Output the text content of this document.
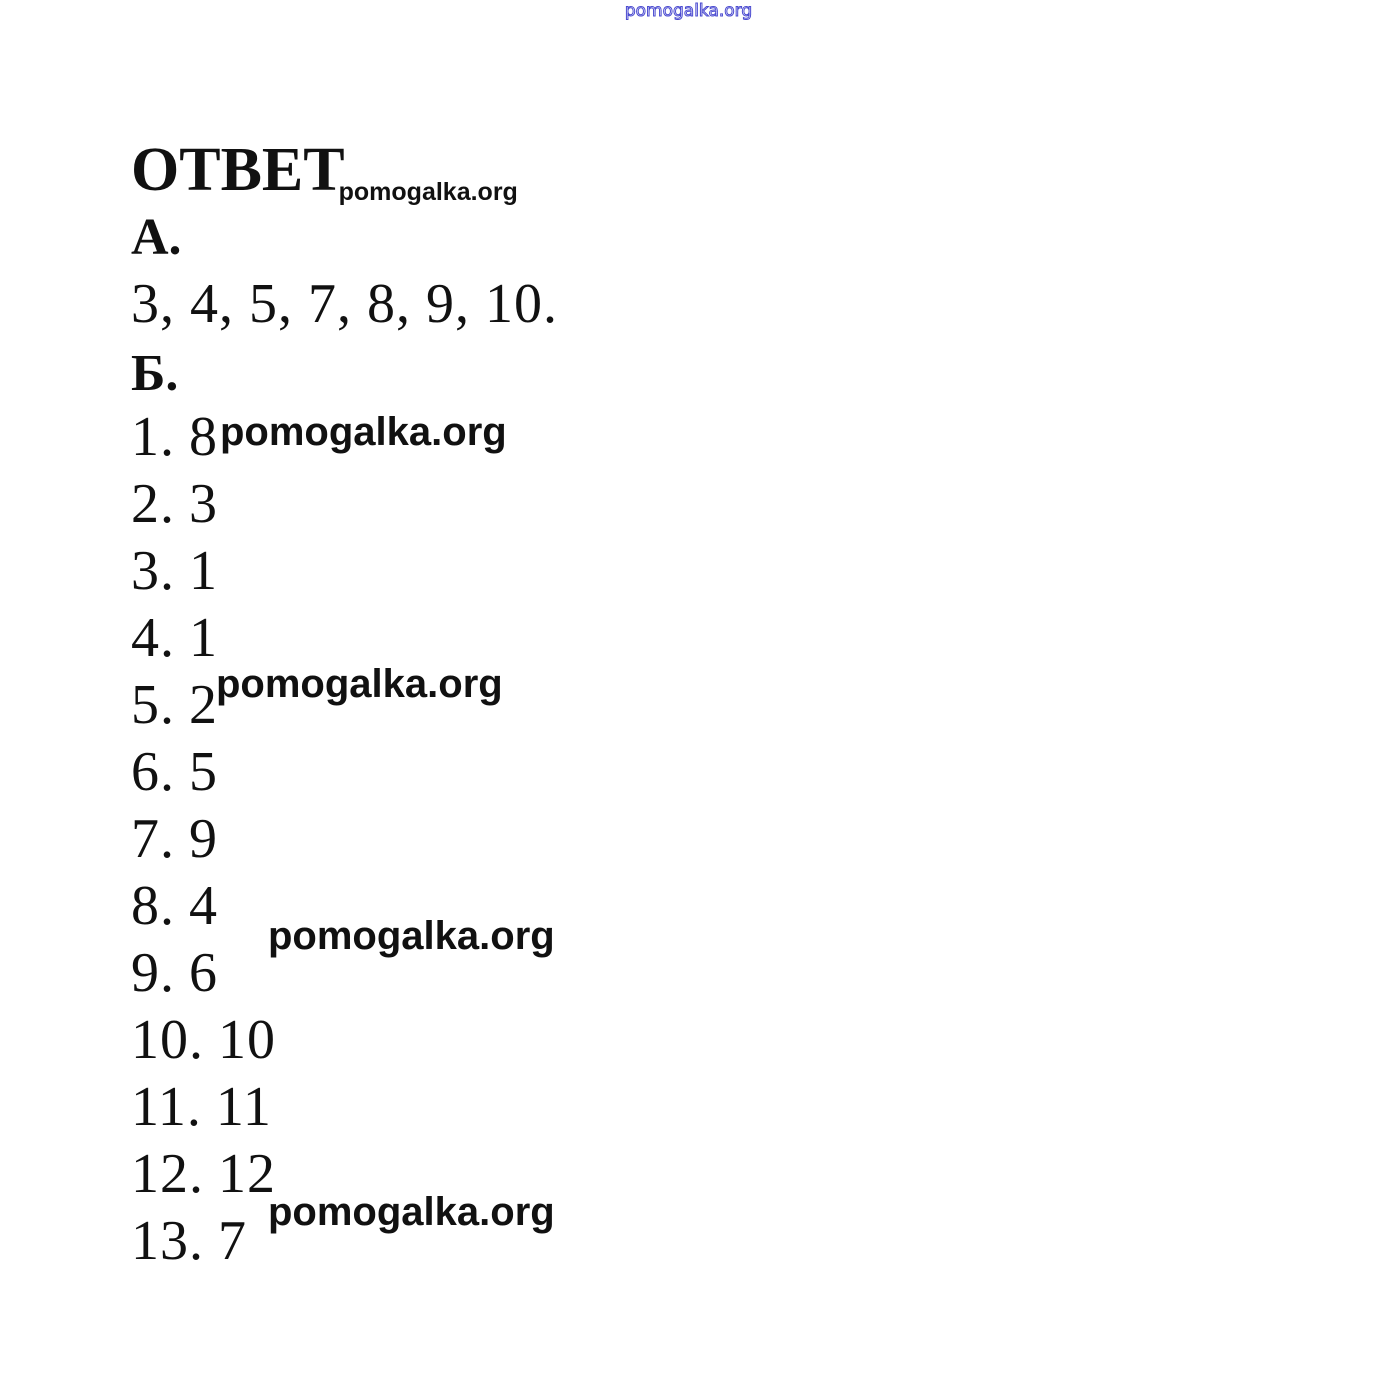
pomogalka.org
ОТВЕТpomogalka.org
А.
3, 4, 5, 7, 8, 9, 10.
Б.
1. 8
2. 3
3. 1
4. 1
5. 2
6. 5
7. 9
8. 4
9. 6
10. 10
11. 11
12. 12
13. 7
pomogalka.org
pomogalka.org
pomogalka.org
pomogalka.org
